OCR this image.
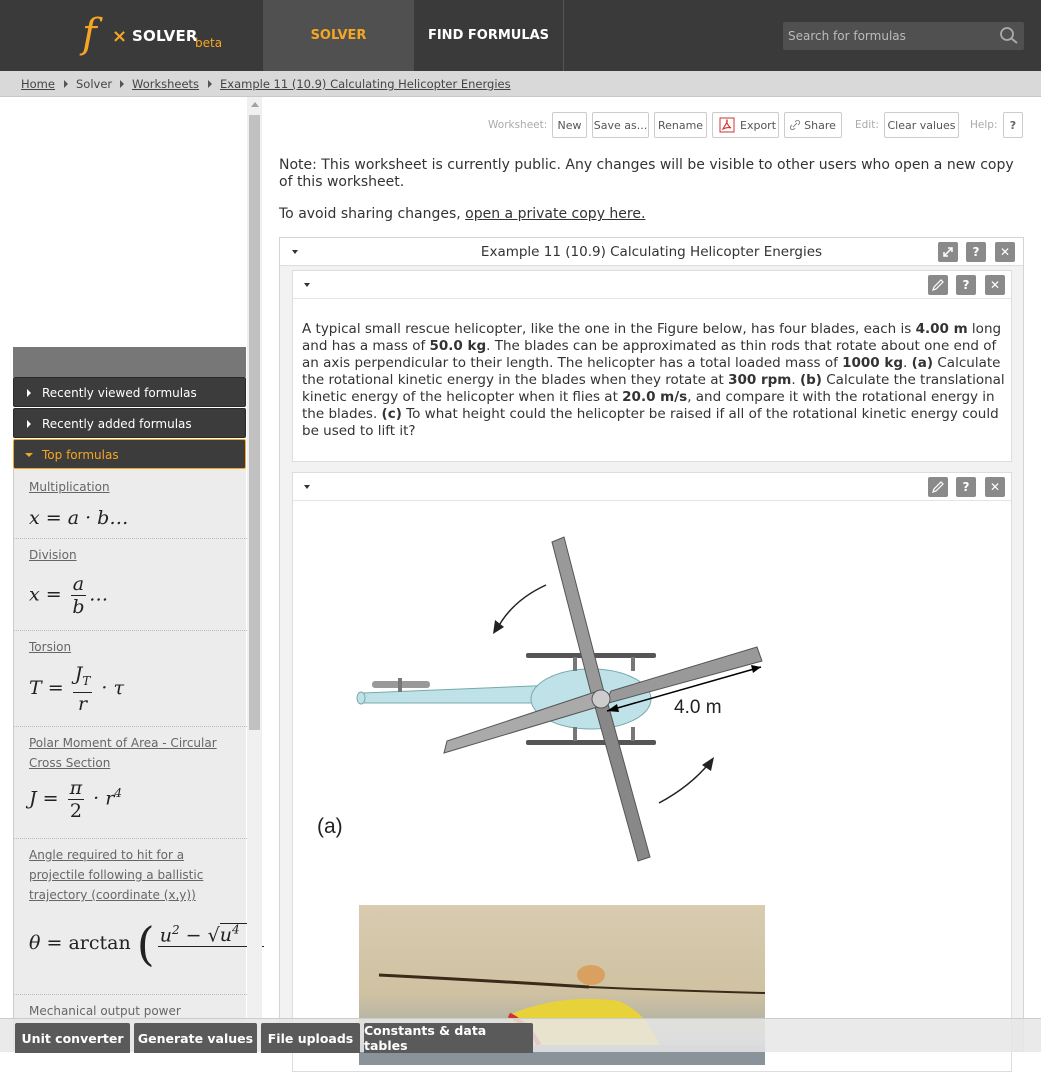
f × SOLVER
beta	SOLVER	FIND FORMULAS
Search for formulas
Home Solver Worksheets Example 11 (10.9) Calculating Helicopter Energies
Recently viewed formulas
Recently added formulas
Top formulas
Multiplication
x = a · b…
Division
$x = \frac{a}{b}$ …
Torsion
$T = \frac{J_T}{r} \cdot \tau$
Polar Moment of Area - Circular Cross Section
$J = \frac{\pi}{2} \cdot r^4$
Angle required to hit for a projectile following a ballistic trajectory (coordinate (x,y))
θ = arctan ( $u^2 - √u^4$

Mechanical output power
Worksheet: New	Save as... Rename	Export	Share Edit: Clear values	Help:	?
Note: This worksheet is currently public. Any changes will be visible to other users who open a new copy of this worksheet.
To avoid sharing changes, open a private copy here.
Example 11 (10.9) Calculating Helicopter Energies	? ✕
? ✕
A typical small rescue helicopter, like the one in the Figure below, has four blades, each is 4.00 m long and has a mass of 50.0 kg. The blades can be approximated as thin rods that rotate about one end of an axis perpendicular to their length. The helicopter has a total loaded mass of 1000 kg. (a) Calculate the rotational kinetic energy in the blades when they rotate at 300 rpm. (b) Calculate the translational kinetic energy of the helicopter when it flies at 20.0 m/s, and compare it with the rotational energy in the blades. (c) To what height could the helicopter be raised if all of the rotational kinetic energy could be used to lift it?
? ✕
4.0 m
(a)
Unit converter	Generate values	File uploads Constants & data tables
